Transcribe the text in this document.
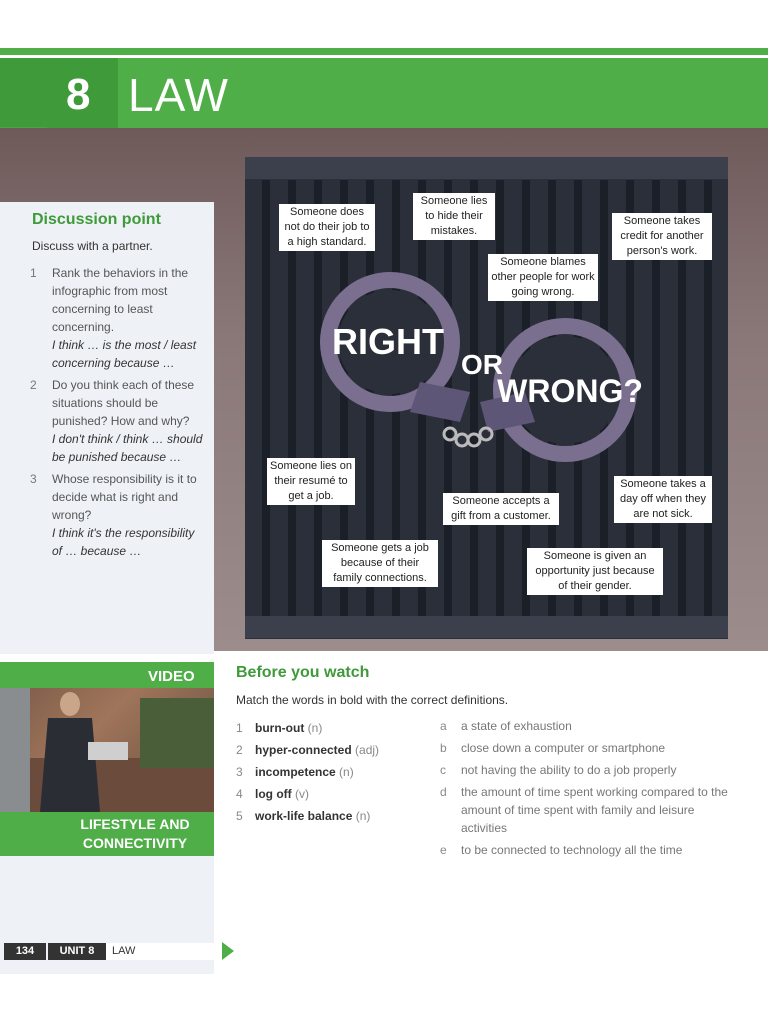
8 LAW
Discussion point
Discuss with a partner.
1 Rank the behaviors in the infographic from most concerning to least concerning.
I think … is the most / least concerning because …
2 Do you think each of these situations should be punished? How and why?
I don't think / think … should be punished because …
3 Whose responsibility is it to decide what is right and wrong?
I think it's the responsibility of … because …
RIGHT
OR
WRONG?
Someone does not do their job to a high standard.
Someone lies to hide their mistakes.
Someone takes credit for another person's work.
Someone blames other people for work going wrong.
Someone lies on their resumé to get a job.	Someone accepts a gift from a customer.
Someone takes a day off when they are not sick.
Someone gets a job because of their family connections.
Someone is given an opportunity just because of their gender.
VIDEO
LIFESTYLE AND CONNECTIVITY
Before you watch
Match the words in bold with the correct definitions.
1 burn-out (n)
2 hyper-connected (adj)
3 incompetence (n)
4 log off (v)
5 work-life balance (n)
a a state of exhaustion
b close down a computer or smartphone
c not having the ability to do a job properly
d the amount of time spent working compared to the amount of time spent with family and leisure activities
e to be connected to technology all the time
134	UNIT 8	LAW
